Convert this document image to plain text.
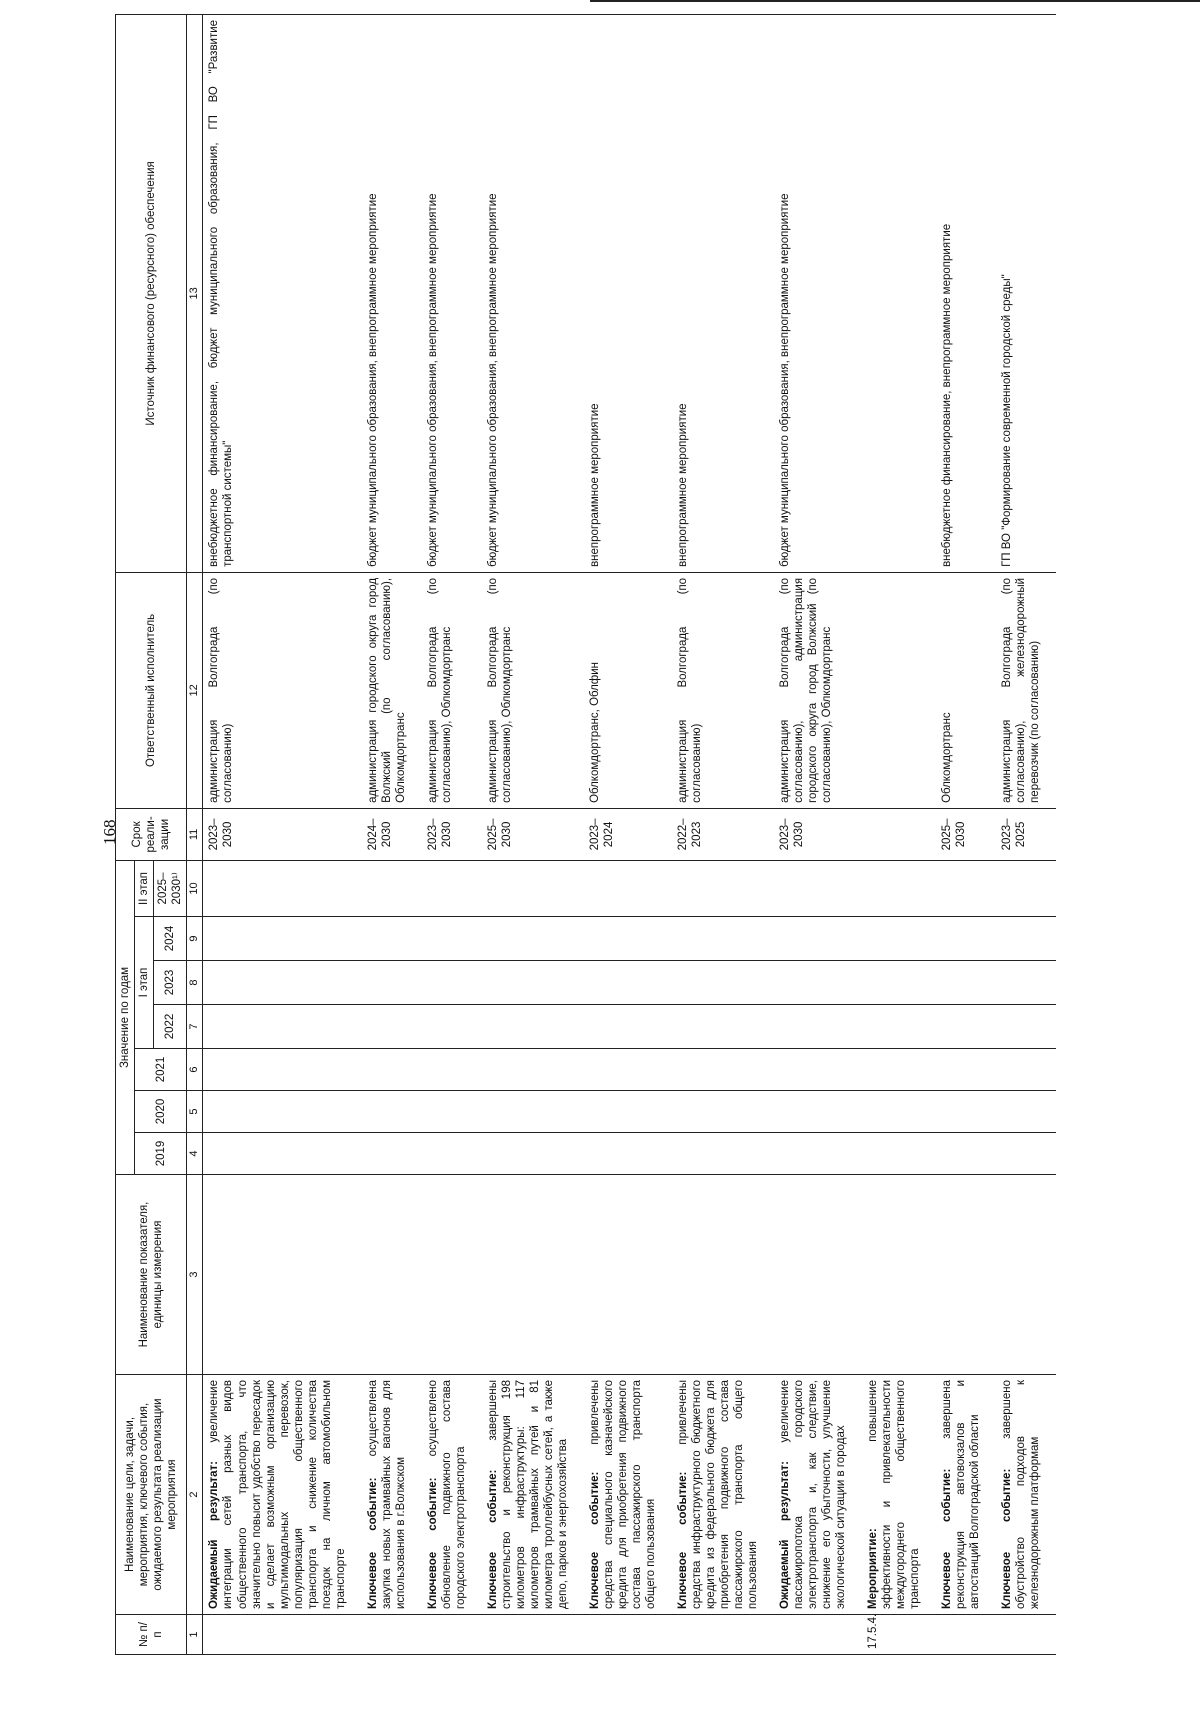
168
№ п/п	Наименование цели, задачи, мероприятия, ключевого события, ожидаемого результата реализации мероприятия	Наименование показателя, единицы измерения	Значение по годам							Срок реали-зации	Ответственный исполнитель	Источник финансового (ресурсного) обеспечения
			2019	2020	2021	I этап			II этап			
						2022	2023	2024	2025–2030¹⁾			
1	2	3	4	5	6	7	8	9	10	11	12	13
	Ожидаемый результат: увеличение интеграции сетей разных видов общественного транспорта, что значительно повысит удобство пересадок и сделает возможным организацию мультимодальных перевозок, популяризация общественного транспорта и снижение количества поездок на личном автомобильном транспорте									2023–2030	администрация Волгограда (по согласованию)	внебюджетное финансирование, бюджет муниципального образования, ГП ВО "Развитие транспортной системы"
	Ключевое событие: осуществлена закупка новых трамвайных вагонов для использования в г.Волжском									2024–2030	администрация городского округа город Волжский (по согласованию), Облкомдортранс	бюджет муниципального образования, внепрограммное мероприятие
	Ключевое событие: осуществлено обновление подвижного состава городского электротранспорта									2023–2030	администрация Волгограда (по согласованию), Облкомдортранс	бюджет муниципального образования, внепрограммное мероприятие
	Ключевое событие: завершены строительство и реконструкция 198 километров инфраструктуры: 117 километров трамвайных путей и 81 километра троллейбусных сетей, а также депо, парков и энергохозяйства									2025–2030	администрация Волгограда (по согласованию), Облкомдортранс	бюджет муниципального образования, внепрограммное мероприятие
	Ключевое событие: привлечены средства специального казначейского кредита для приобретения подвижного состава пассажирского транспорта общего пользования									2023–2024	Облкомдортранс, Облфин	внепрограммное мероприятие
	Ключевое событие: привлечены средства инфраструктурного бюджетного кредита из федерального бюджета для приобретения подвижного состава пассажирского транспорта общего пользования									2022–2023	администрация Волгограда (по согласованию)	внепрограммное мероприятие
	Ожидаемый результат: увеличение пассажиропотока городского электротранспорта и, как следствие, снижение его убыточности, улучшение экологической ситуации в городах									2023–2030	администрация Волгограда (по согласованию), администрация городского округа город Волжский (по согласованию), Облкомдортранс	бюджет муниципального образования, внепрограммное мероприятие
17.5.4.	Мероприятие: повышение эффективности и привлекательности междугороднего общественного транспорта											
	Ключевое событие: завершена реконструкция автовокзалов и автостанций Волгоградской области									2025–2030	Облкомдортранс	внебюджетное финансирование, внепрограммное мероприятие
	Ключевое событие: завершено обустройство подходов к железнодорожным платформам									2023–2025	администрация Волгограда (по согласованию), железнодорожный перевозчик (по согласованию)	ГП ВО "Формирование современной городской среды"
